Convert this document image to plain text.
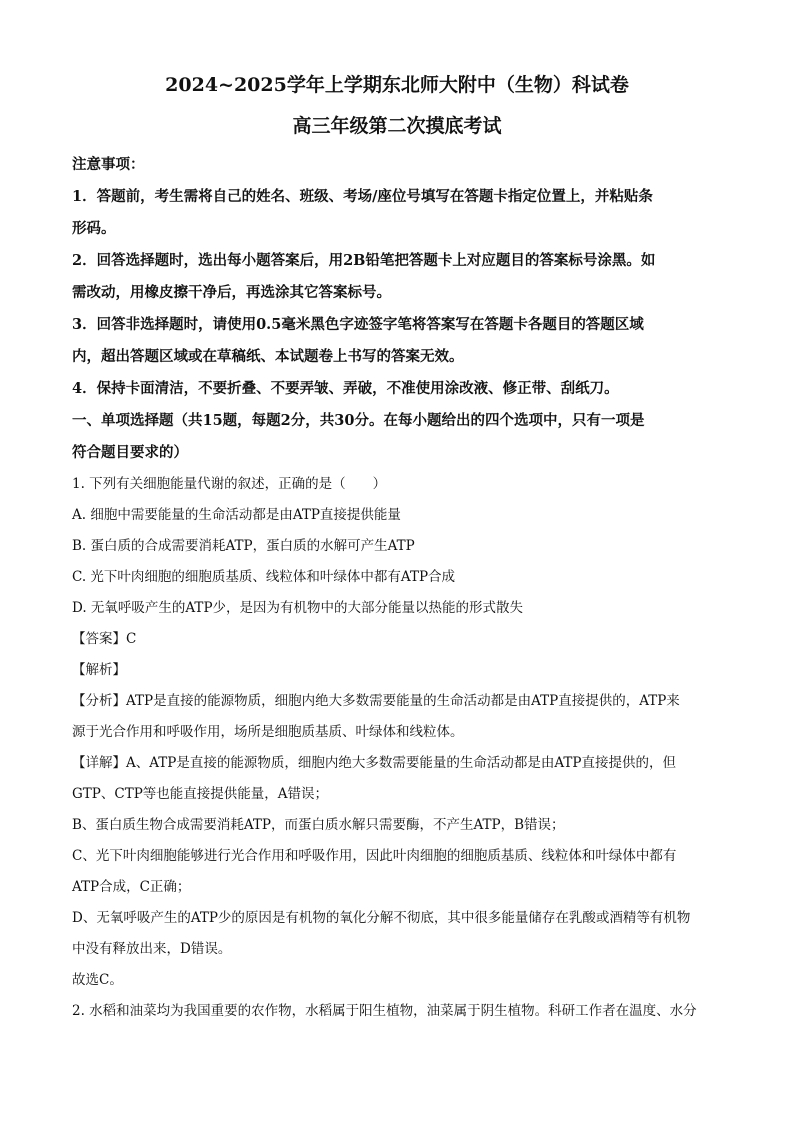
2024~2025学年上学期东北师大附中（生物）科试卷

高三年级第二次摸底考试

注意事项：

1．答题前，考生需将自己的姓名、班级、考场/座位号填写在答题卡指定位置上，并粘贴条

形码。

2．回答选择题时，选出每小题答案后，用2B铅笔把答题卡上对应题目的答案标号涂黑。如

需改动，用橡皮擦干净后，再选涂其它答案标号。

3．回答非选择题时，请使用0.5毫米黑色字迹签字笔将答案写在答题卡各题目的答题区域

内，超出答题区域或在草稿纸、本试题卷上书写的答案无效。

4．保持卡面清洁，不要折叠、不要弄皱、弄破，不准使用涂改液、修正带、刮纸刀。

一、单项选择题（共15题，每题2分，共30分。在每小题给出的四个选项中，只有一项是

符合题目要求的）

1. 下列有关细胞能量代谢的叙述，正确的是（　　）

A. 细胞中需要能量的生命活动都是由ATP直接提供能量

B. 蛋白质的合成需要消耗ATP，蛋白质的水解可产生ATP

C. 光下叶肉细胞的细胞质基质、线粒体和叶绿体中都有ATP合成

D. 无氧呼吸产生的ATP少，是因为有机物中的大部分能量以热能的形式散失

【答案】C

【解析】

【分析】ATP是直接的能源物质，细胞内绝大多数需要能量的生命活动都是由ATP直接提供的，ATP来

源于光合作用和呼吸作用，场所是细胞质基质、叶绿体和线粒体。

【详解】A、ATP是直接的能源物质，细胞内绝大多数需要能量的生命活动都是由ATP直接提供的，但

GTP、CTP等也能直接提供能量，A错误；

B、蛋白质生物合成需要消耗ATP，而蛋白质水解只需要酶，不产生ATP，B错误；

C、光下叶肉细胞能够进行光合作用和呼吸作用，因此叶肉细胞的细胞质基质、线粒体和叶绿体中都有

ATP合成，C正确；

D、无氧呼吸产生的ATP少的原因是有机物的氧化分解不彻底，其中很多能量储存在乳酸或酒精等有机物

中没有释放出来，D错误。

故选C。

2. 水稻和油菜均为我国重要的农作物，水稻属于阳生植物，油菜属于阴生植物。科研工作者在温度、水分
